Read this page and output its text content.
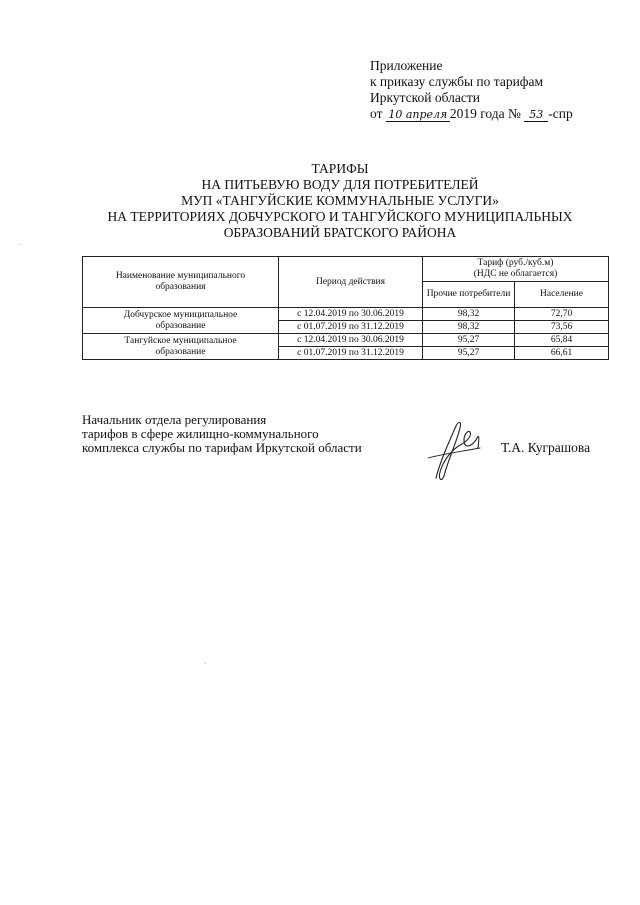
Приложение
к приказу службы по тарифам
Иркутской области
от 10 апреля 2019 года № 53 -спр
ТАРИФЫ
НА ПИТЬЕВУЮ ВОДУ ДЛЯ ПОТРЕБИТЕЛЕЙ
МУП «ТАНГУЙСКИЕ КОММУНАЛЬНЫЕ УСЛУГИ»
НА ТЕРРИТОРИЯХ ДОБЧУРСКОГО И ТАНГУЙСКОГО МУНИЦИПАЛЬНЫХ
ОБРАЗОВАНИЙ БРАТСКОГО РАЙОНА
Наименование муниципального образования	Период действия	Тариф (руб./куб.м)
(НДС не облагается)	

		Прочие потребители	Население

Добчурское муниципальное
образование	с 12.04.2019 по 30.06.2019	98,32	72,70
	с 01.07.2019 по 31.12.2019	98,32	73,56

Тангуйское муниципальное
образование	с 12.04.2019 по 30.06.2019	95,27	65,84
	с 01.07.2019 по 31.12.2019	95,27	66,61
Начальник отдела регулирования
тарифов в сфере жилищно-коммунального
комплекса службы по тарифам Иркутской области	Т.А. Куграшова
